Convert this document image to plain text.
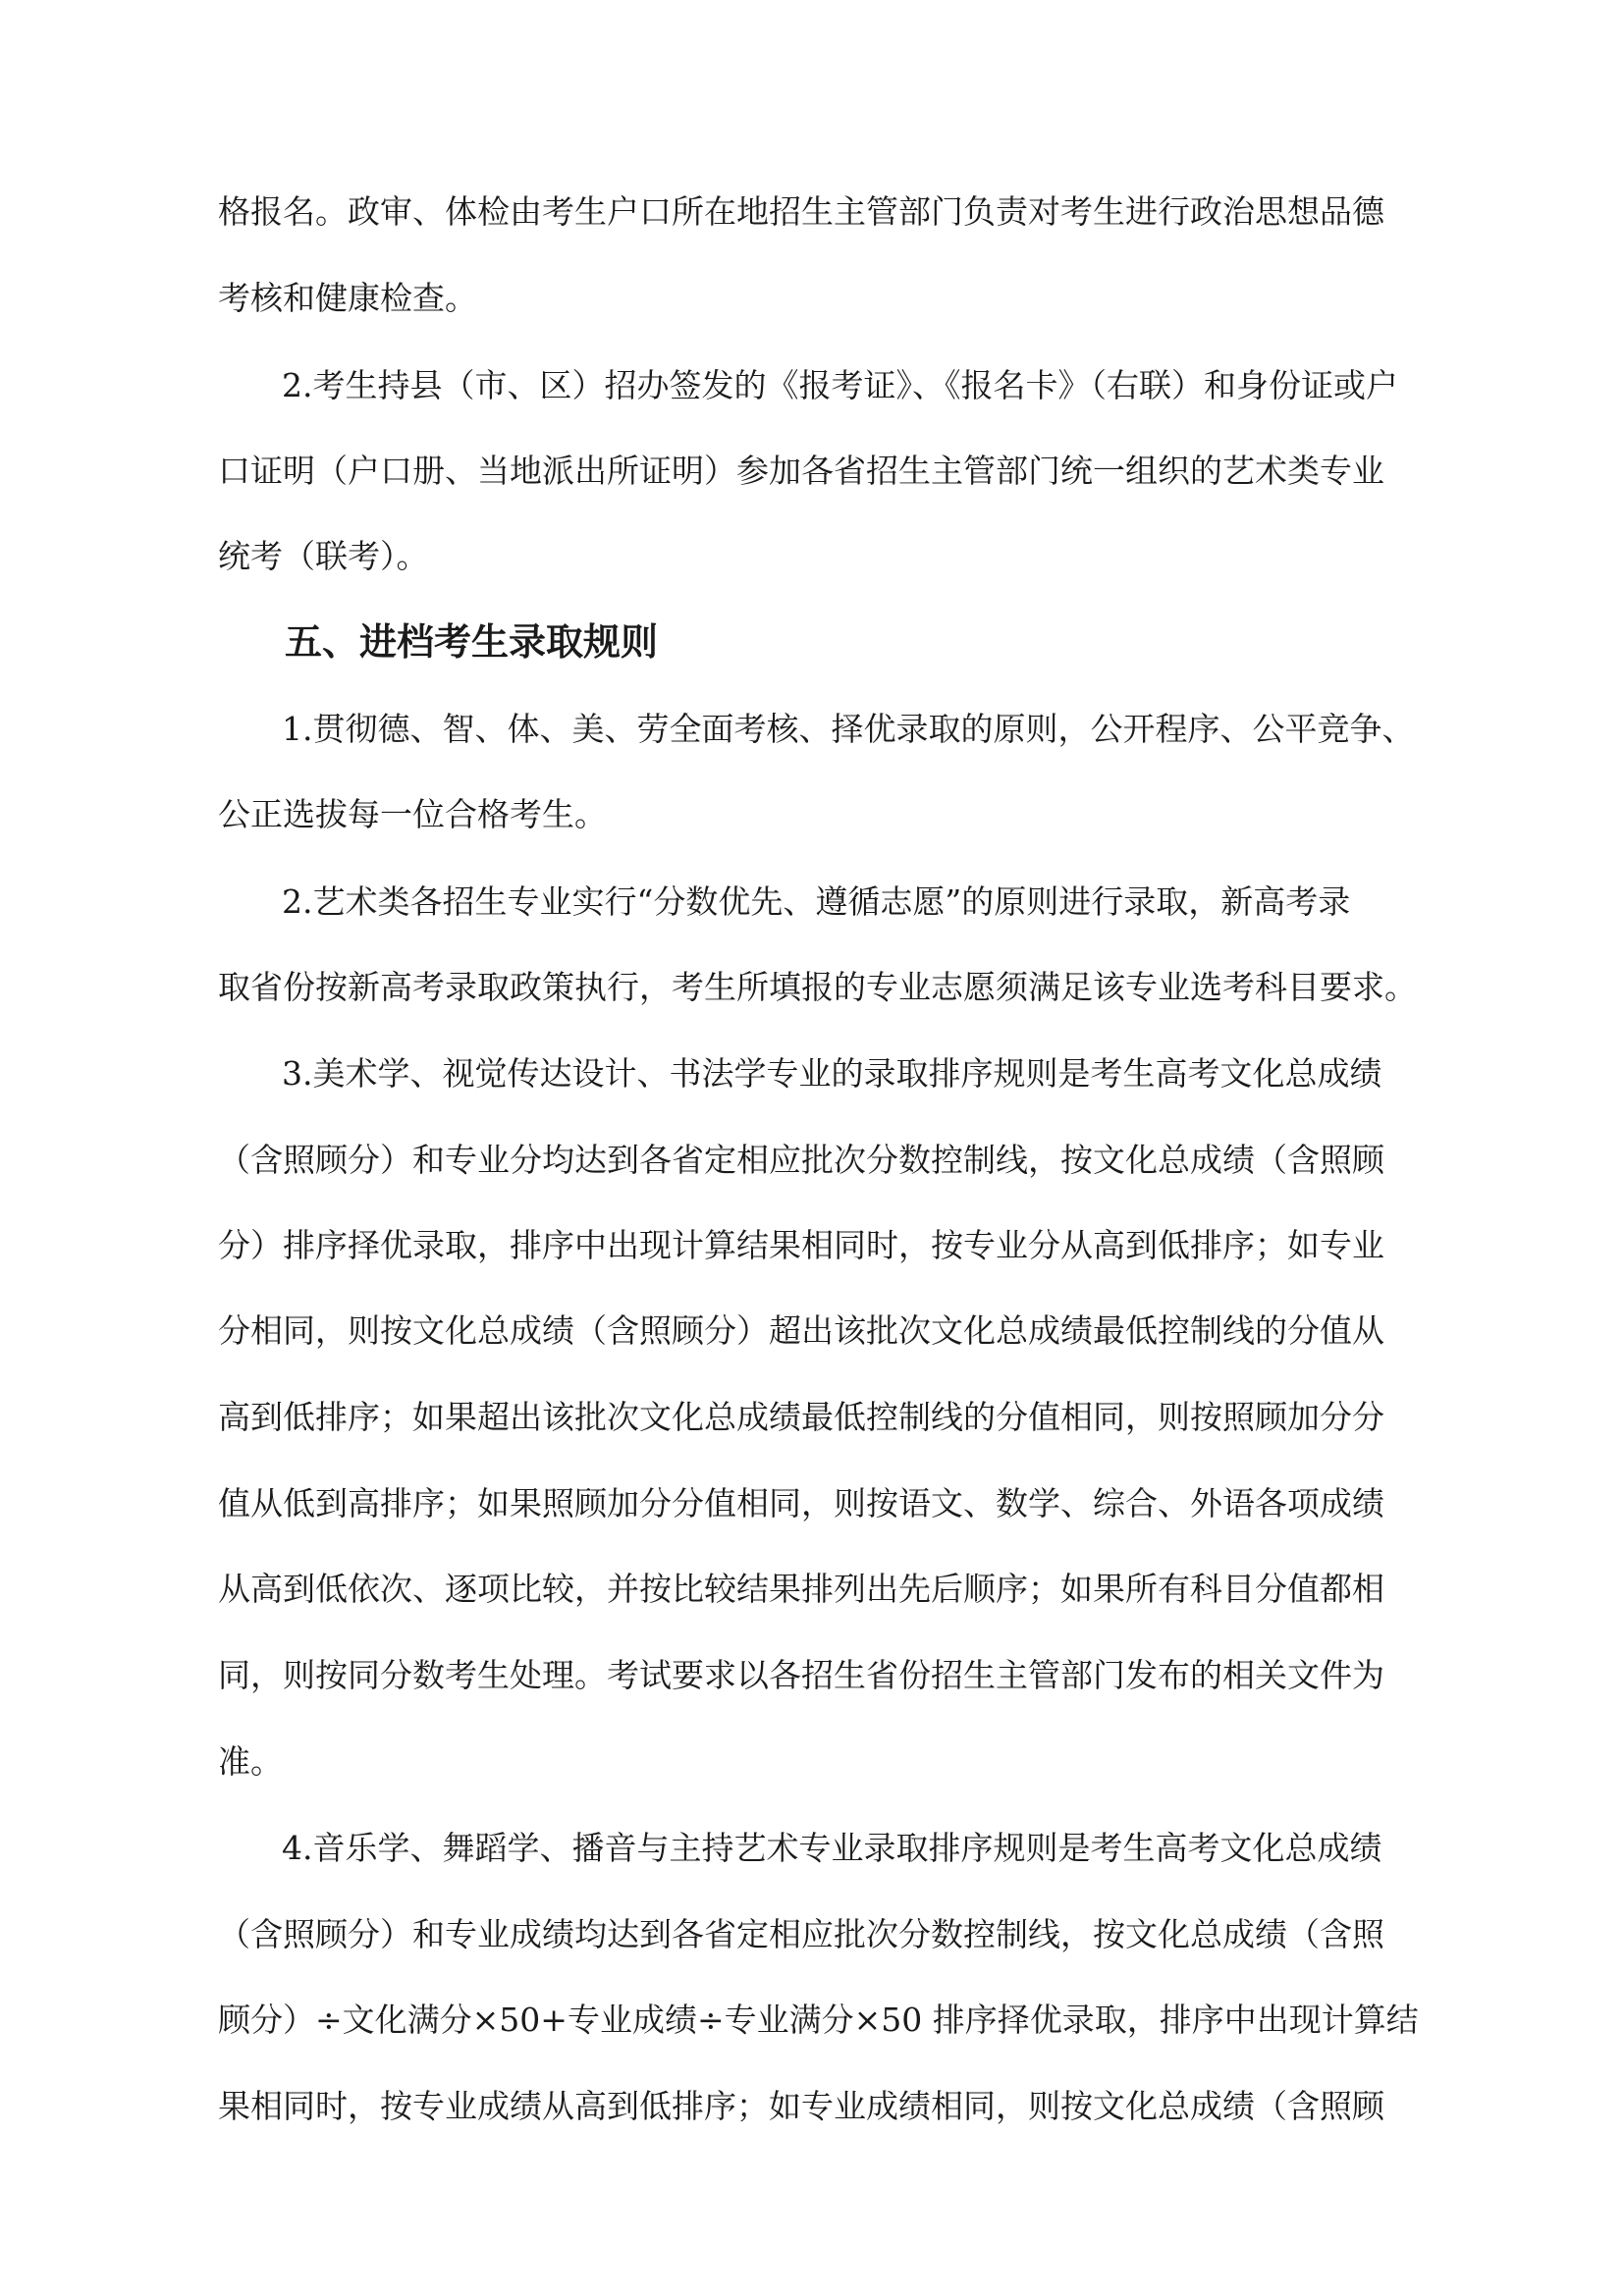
格报名。政审、体检由考生户口所在地招生主管部门负责对考生进行政治思想品德

考核和健康检查。

2.考生持县（市、区）招办签发的《报考证》、《报名卡》（右联）和身份证或户

口证明（户口册、当地派出所证明）参加各省招生主管部门统一组织的艺术类专业

统考（联考）。

五、进档考生录取规则

1.贯彻德、智、体、美、劳全面考核、择优录取的原则，公开程序、公平竞争、

公正选拔每一位合格考生。

2.艺术类各招生专业实行“分数优先、遵循志愿”的原则进行录取，新高考录

取省份按新高考录取政策执行，考生所填报的专业志愿须满足该专业选考科目要求。

3.美术学、视觉传达设计、书法学专业的录取排序规则是考生高考文化总成绩

（含照顾分）和专业分均达到各省定相应批次分数控制线，按文化总成绩（含照顾

分）排序择优录取，排序中出现计算结果相同时，按专业分从高到低排序；如专业

分相同，则按文化总成绩（含照顾分）超出该批次文化总成绩最低控制线的分值从

高到低排序；如果超出该批次文化总成绩最低控制线的分值相同，则按照顾加分分

值从低到高排序；如果照顾加分分值相同，则按语文、数学、综合、外语各项成绩

从高到低依次、逐项比较，并按比较结果排列出先后顺序；如果所有科目分值都相

同，则按同分数考生处理。考试要求以各招生省份招生主管部门发布的相关文件为

准。

4.音乐学、舞蹈学、播音与主持艺术专业录取排序规则是考生高考文化总成绩

（含照顾分）和专业成绩均达到各省定相应批次分数控制线，按文化总成绩（含照

顾分）÷文化满分×50+专业成绩÷专业满分×50 排序择优录取，排序中出现计算结

果相同时，按专业成绩从高到低排序；如专业成绩相同，则按文化总成绩（含照顾
